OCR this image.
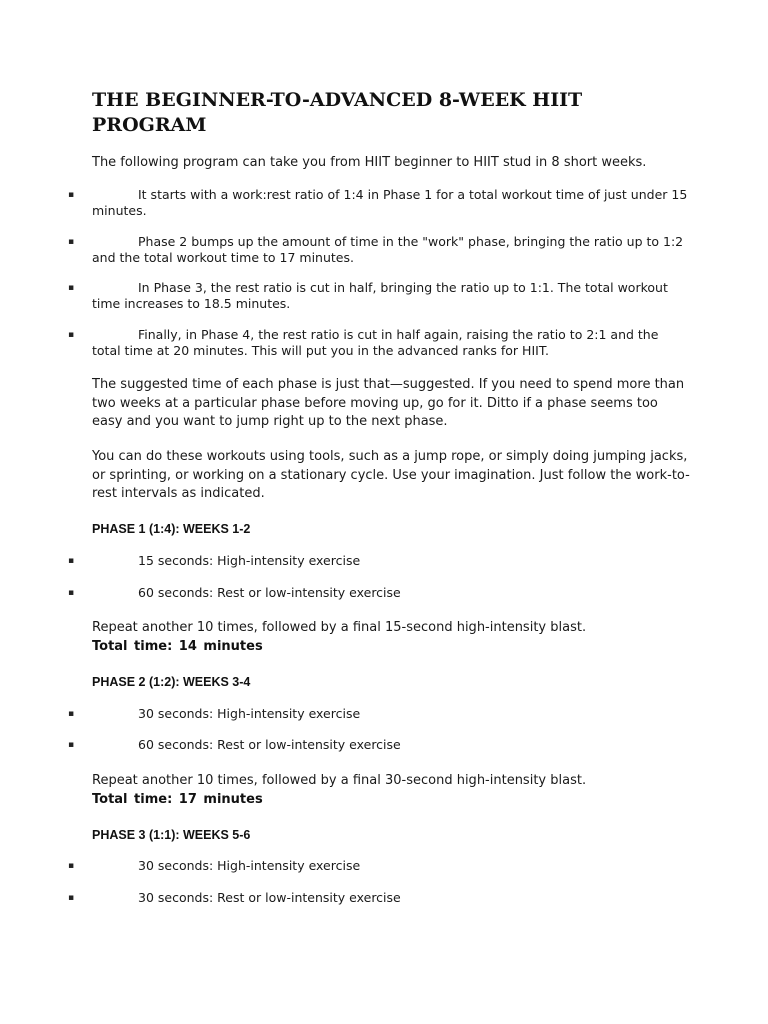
THE BEGINNER-TO-ADVANCED 8-WEEK HIIT PROGRAM

The following program can take you from HIIT beginner to HIIT stud in 8 short weeks.

▪	It starts with a work:rest ratio of 1:4 in Phase 1 for a total workout time of just under 15 minutes.

▪	Phase 2 bumps up the amount of time in the "work" phase, bringing the ratio up to 1:2 and the total workout time to 17 minutes.

▪	In Phase 3, the rest ratio is cut in half, bringing the ratio up to 1:1. The total workout time increases to 18.5 minutes.

▪	Finally, in Phase 4, the rest ratio is cut in half again, raising the ratio to 2:1 and the total time at 20 minutes. This will put you in the advanced ranks for HIIT.

The suggested time of each phase is just that—suggested. If you need to spend more than two weeks at a particular phase before moving up, go for it. Ditto if a phase seems too easy and you want to jump right up to the next phase.

You can do these workouts using tools, such as a jump rope, or simply doing jumping jacks, or sprinting, or working on a stationary cycle. Use your imagination. Just follow the work-to-rest intervals as indicated.

PHASE 1 (1:4): WEEKS 1-2
▪	15 seconds: High-intensity exercise

▪	60 seconds: Rest or low-intensity exercise

Repeat another 10 times, followed by a final 15-second high-intensity blast.

Total time: 14 minutes

PHASE 2 (1:2): WEEKS 3-4
▪	30 seconds: High-intensity exercise

▪	60 seconds: Rest or low-intensity exercise

Repeat another 10 times, followed by a final 30-second high-intensity blast.

Total time: 17 minutes

PHASE 3 (1:1): WEEKS 5-6
▪	30 seconds: High-intensity exercise

▪	30 seconds: Rest or low-intensity exercise
